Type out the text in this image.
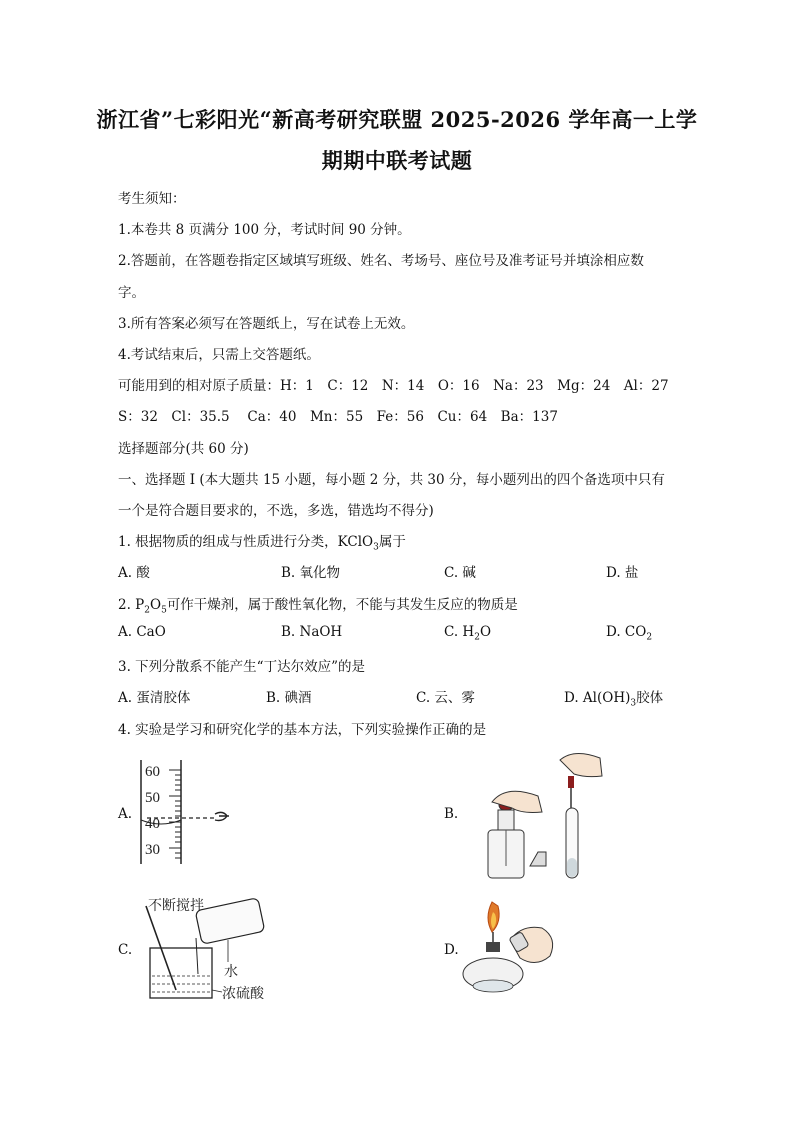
浙江省”七彩阳光“新高考研究联盟 2025-2026 学年高一上学
期期中联考试题
考生须知：
1.本卷共 8 页满分 100 分，考试时间 90 分钟。
2.答题前，在答题卷指定区域填写班级、姓名、考场号、座位号及准考证号并填涂相应数
字。
3.所有答案必须写在答题纸上，写在试卷上无效。
4.考试结束后，只需上交答题纸。
可能用到的相对原子质量：H：1　C：12　N：14　O：16　Na：23　Mg：24　Al：27
S：32　Cl：35.5　 Ca：40　Mn：55　Fe：56　Cu：64　Ba：137
选择题部分(共 60 分)
一、选择题 I (本大题共 15 小题，每小题 2 分，共 30 分，每小题列出的四个备选项中只有
一个是符合题目要求的，不选，多选，错选均不得分)
1. 根据物质的组成与性质进行分类，KClO$_3$属于
A. 酸	B. 氧化物	C. 碱	D. 盐
2. $P_2O_5$可作干燥剂，属于酸性氧化物，不能与其发生反应的物质是
A. CaO	B. NaOH	C. $H_2O$	D. $CO_2$
3. 下列分散系不能产生“丁达尔效应”的是
A. 蛋清胶体	B. 碘酒	C. 云、雾	D. $Al(OH)_3$胶体
4. 实验是学习和研究化学的基本方法，下列实验操作正确的是
A.
60
50
40
30
B.
C.
不断搅拌
水
浓硫酸
D.
